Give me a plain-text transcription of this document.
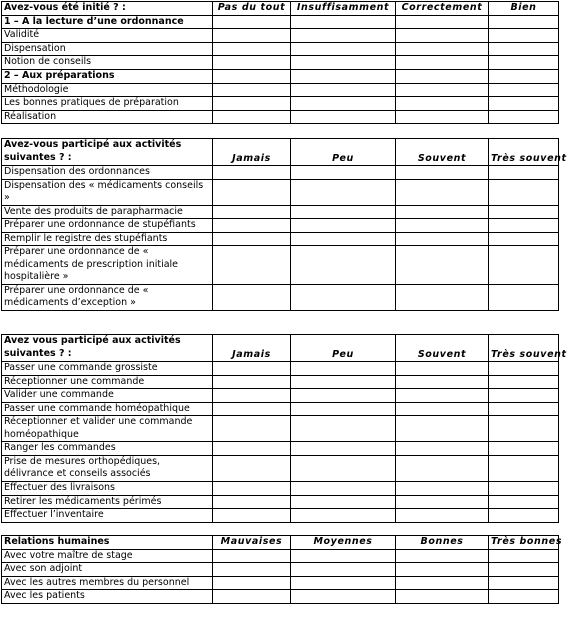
Avez-vous été initié ? :	Pas du tout	Insuffisamment	Correctement	Bien
1 – A la lecture d’une ordonnance				
Validité				
Dispensation				
Notion de conseils				
2 – Aux préparations				
Méthodologie				
Les bonnes pratiques de préparation				
Réalisation				
Avez-vous participé aux activités suivantes ? :	Jamais	Peu	Souvent	Très souvent
Dispensation des ordonnances				
Dispensation des « médicaments conseils »				
Vente des produits de parapharmacie				
Préparer une ordonnance de stupéfiants				
Remplir le registre des stupéfiants				
Préparer une ordonnance de « médicaments de prescription initiale hospitalière »				
Préparer une ordonnance de « médicaments d’exception »				
Avez vous participé aux activités suivantes ? :	Jamais	Peu	Souvent	Très souvent
Passer une commande grossiste				
Réceptionner une commande				
Valider une commande				
Passer une commande homéopathique				
Réceptionner et valider une commande homéopathique				
Ranger les commandes				
Prise de mesures orthopédiques, délivrance et conseils associés				
Effectuer des livraisons				
Retirer les médicaments périmés				
Effectuer l’inventaire				
Relations humaines	Mauvaises	Moyennes	Bonnes	Très bonnes
Avec votre maître de stage				
Avec son adjoint				
Avec les autres membres du personnel				
Avec les patients				
